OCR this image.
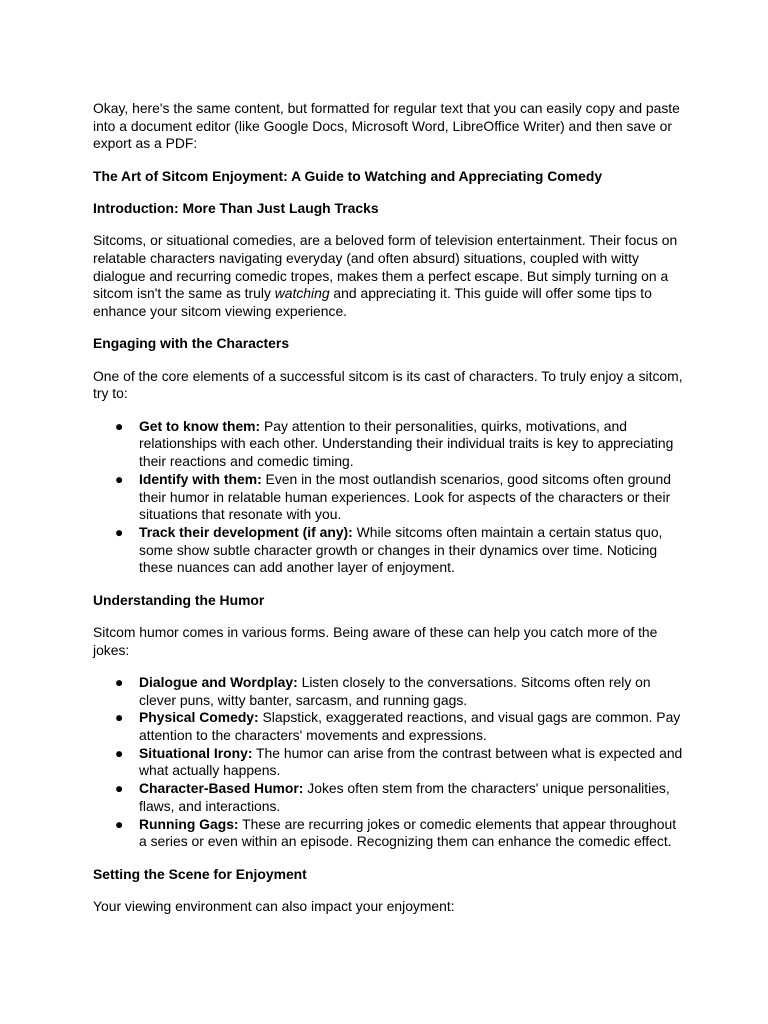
Okay, here's the same content, but formatted for regular text that you can easily copy and paste into a document editor (like Google Docs, Microsoft Word, LibreOffice Writer) and then save or export as a PDF:

The Art of Sitcom Enjoyment: A Guide to Watching and Appreciating Comedy

Introduction: More Than Just Laugh Tracks

Sitcoms, or situational comedies, are a beloved form of television entertainment. Their focus on relatable characters navigating everyday (and often absurd) situations, coupled with witty dialogue and recurring comedic tropes, makes them a perfect escape. But simply turning on a sitcom isn't the same as truly watching and appreciating it. This guide will offer some tips to enhance your sitcom viewing experience.

Engaging with the Characters

One of the core elements of a successful sitcom is its cast of characters. To truly enjoy a sitcom, try to:

● Get to know them: Pay attention to their personalities, quirks, motivations, and relationships with each other. Understanding their individual traits is key to appreciating their reactions and comedic timing.
● Identify with them: Even in the most outlandish scenarios, good sitcoms often ground their humor in relatable human experiences. Look for aspects of the characters or their situations that resonate with you.
● Track their development (if any): While sitcoms often maintain a certain status quo, some show subtle character growth or changes in their dynamics over time. Noticing these nuances can add another layer of enjoyment.

Understanding the Humor

Sitcom humor comes in various forms. Being aware of these can help you catch more of the jokes:

● Dialogue and Wordplay: Listen closely to the conversations. Sitcoms often rely on clever puns, witty banter, sarcasm, and running gags.
● Physical Comedy: Slapstick, exaggerated reactions, and visual gags are common. Pay attention to the characters' movements and expressions.
● Situational Irony: The humor can arise from the contrast between what is expected and what actually happens.
● Character-Based Humor: Jokes often stem from the characters' unique personalities, flaws, and interactions.
● Running Gags: These are recurring jokes or comedic elements that appear throughout a series or even within an episode. Recognizing them can enhance the comedic effect.

Setting the Scene for Enjoyment

Your viewing environment can also impact your enjoyment:
